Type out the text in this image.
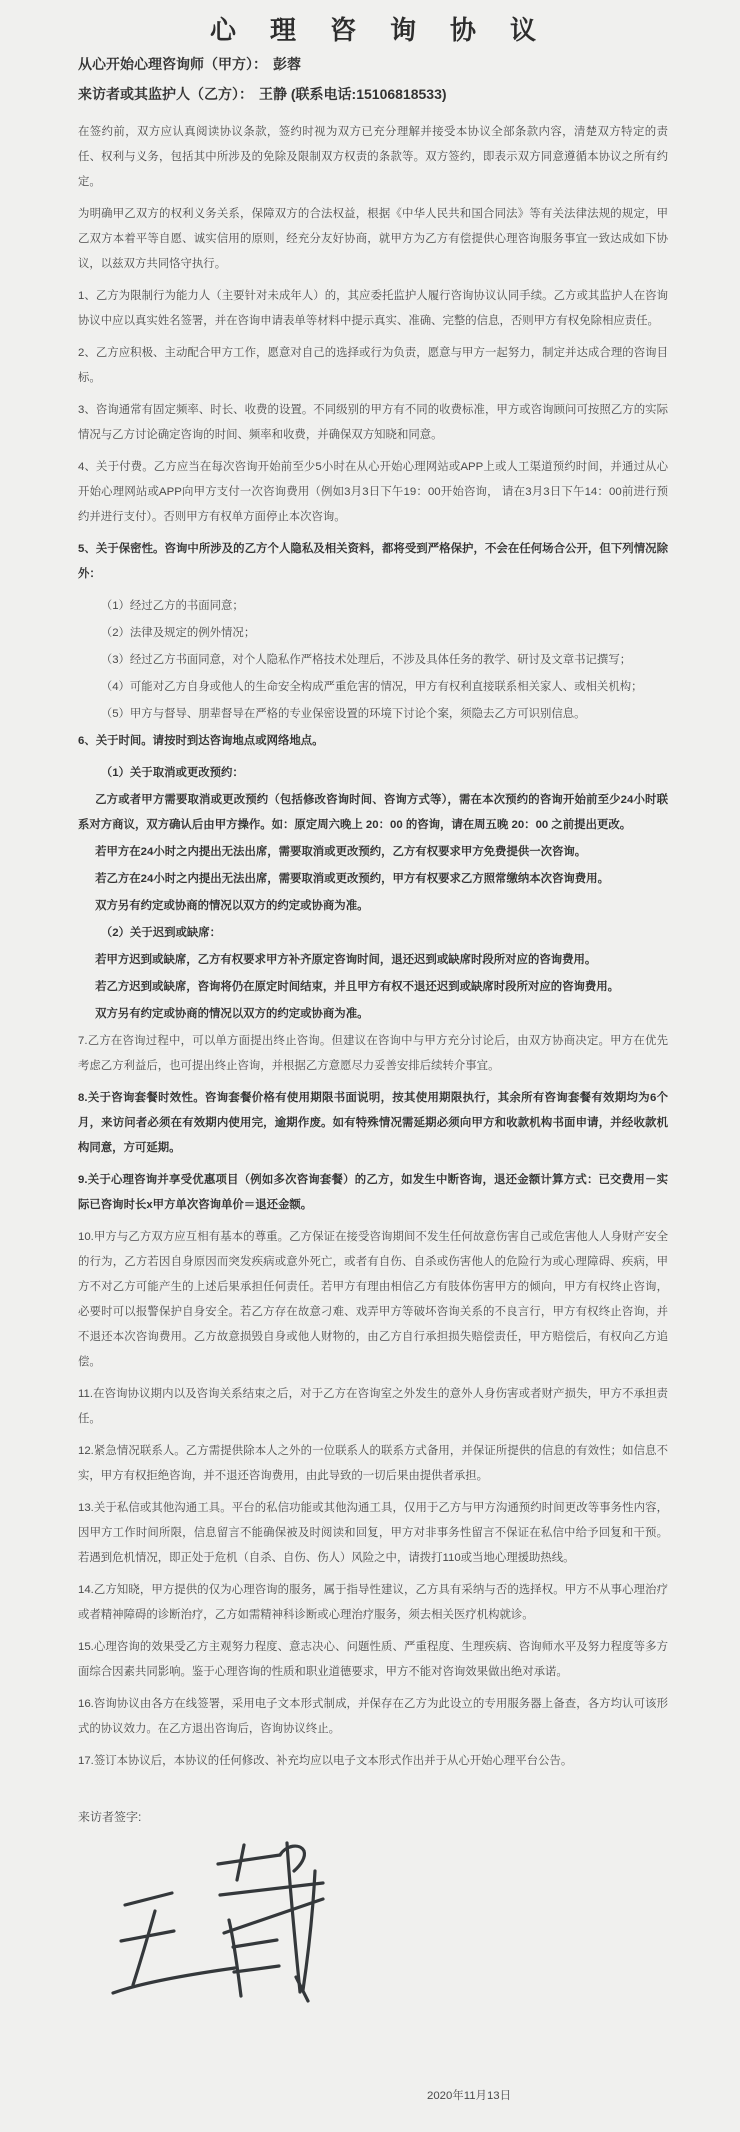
心理咨询协议

从心开始心理咨询师（甲方）： 彭蓉

来访者或其监护人（乙方）： 王静 (联系电话:15106818533)

在签约前，双方应认真阅读协议条款，签约时视为双方已充分理解并接受本协议全部条款内容，清楚双方特定的责任、权利与义务，包括其中所涉及的免除及限制双方权责的条款等。双方签约，即表示双方同意遵循本协议之所有约定。

为明确甲乙双方的权利义务关系，保障双方的合法权益，根据《中华人民共和国合同法》等有关法律法规的规定，甲乙双方本着平等自愿、诚实信用的原则，经充分友好协商，就甲方为乙方有偿提供心理咨询服务事宜一致达成如下协议，以兹双方共同恪守执行。

1、乙方为限制行为能力人（主要针对未成年人）的，其应委托监护人履行咨询协议认同手续。乙方或其监护人在咨询协议中应以真实姓名签署，并在咨询申请表单等材料中提示真实、准确、完整的信息，否则甲方有权免除相应责任。

2、乙方应积极、主动配合甲方工作，愿意对自己的选择或行为负责，愿意与甲方一起努力，制定并达成合理的咨询目标。

3、咨询通常有固定频率、时长、收费的设置。不同级别的甲方有不同的收费标准，甲方或咨询顾问可按照乙方的实际情况与乙方讨论确定咨询的时间、频率和收费，并确保双方知晓和同意。

4、关于付费。乙方应当在每次咨询开始前至少5小时在从心开始心理网站或APP上或人工渠道预约时间，并通过从心开始心理网站或APP向甲方支付一次咨询费用（例如3月3日下午19：00开始咨询， 请在3月3日下午14：00前进行预约并进行支付）。否则甲方有权单方面停止本次咨询。

5、关于保密性。咨询中所涉及的乙方个人隐私及相关资料，都将受到严格保护，不会在任何场合公开，但下列情况除外：

（1）经过乙方的书面同意；

（2）法律及规定的例外情况；

（3）经过乙方书面同意，对个人隐私作严格技术处理后，不涉及具体任务的教学、研讨及文章书记撰写；

（4）可能对乙方自身或他人的生命安全构成严重危害的情况，甲方有权利直接联系相关家人、或相关机构；

（5）甲方与督导、朋辈督导在严格的专业保密设置的环境下讨论个案，须隐去乙方可识别信息。

6、关于时间。请按时到达咨询地点或网络地点。

（1）关于取消或更改预约：

乙方或者甲方需要取消或更改预约（包括修改咨询时间、咨询方式等），需在本次预约的咨询开始前至少24小时联系对方商议，双方确认后由甲方操作。如：原定周六晚上 20：00 的咨询，请在周五晚 20：00 之前提出更改。

若甲方在24小时之内提出无法出席，需要取消或更改预约，乙方有权要求甲方免费提供一次咨询。

若乙方在24小时之内提出无法出席，需要取消或更改预约，甲方有权要求乙方照常缴纳本次咨询费用。

双方另有约定或协商的情况以双方的约定或协商为准。

（2）关于迟到或缺席：

若甲方迟到或缺席，乙方有权要求甲方补齐原定咨询时间，退还迟到或缺席时段所对应的咨询费用。

若乙方迟到或缺席，咨询将仍在原定时间结束，并且甲方有权不退还迟到或缺席时段所对应的咨询费用。

双方另有约定或协商的情况以双方的约定或协商为准。

7.乙方在咨询过程中，可以单方面提出终止咨询。但建议在咨询中与甲方充分讨论后，由双方协商决定。甲方在优先考虑乙方利益后，也可提出终止咨询，并根据乙方意愿尽力妥善安排后续转介事宜。

8.关于咨询套餐时效性。咨询套餐价格有使用期限书面说明，按其使用期限执行，其余所有咨询套餐有效期均为6个月，来访问者必须在有效期内使用完，逾期作废。如有特殊情况需延期必须向甲方和收款机构书面申请，并经收款机构同意，方可延期。

9.关于心理咨询并享受优惠项目（例如多次咨询套餐）的乙方，如发生中断咨询，退还金额计算方式：已交费用－实际已咨询时长x甲方单次咨询单价＝退还金额。

10.甲方与乙方双方应互相有基本的尊重。乙方保证在接受咨询期间不发生任何故意伤害自己或危害他人人身财产安全的行为，乙方若因自身原因而突发疾病或意外死亡，或者有自伤、自杀或伤害他人的危险行为或心理障碍、疾病，甲方不对乙方可能产生的上述后果承担任何责任。若甲方有理由相信乙方有肢体伤害甲方的倾向，甲方有权终止咨询，必要时可以报警保护自身安全。若乙方存在故意刁难、戏弄甲方等破坏咨询关系的不良言行，甲方有权终止咨询，并不退还本次咨询费用。乙方故意损毁自身或他人财物的，由乙方自行承担损失赔偿责任，甲方赔偿后，有权向乙方追偿。

11.在咨询协议期内以及咨询关系结束之后，对于乙方在咨询室之外发生的意外人身伤害或者财产损失，甲方不承担责任。

12.紧急情况联系人。乙方需提供除本人之外的一位联系人的联系方式备用，并保证所提供的信息的有效性；如信息不实，甲方有权拒绝咨询，并不退还咨询费用，由此导致的一切后果由提供者承担。

13.关于私信或其他沟通工具。平台的私信功能或其他沟通工具，仅用于乙方与甲方沟通预约时间更改等事务性内容，因甲方工作时间所限，信息留言不能确保被及时阅读和回复，甲方对非事务性留言不保证在私信中给予回复和干预。若遇到危机情况，即正处于危机（自杀、自伤、伤人）风险之中，请拨打110或当地心理援助热线。

14.乙方知晓，甲方提供的仅为心理咨询的服务，属于指导性建议，乙方具有采纳与否的选择权。甲方不从事心理治疗或者精神障碍的诊断治疗，乙方如需精神科诊断或心理治疗服务，须去相关医疗机构就诊。

15.心理咨询的效果受乙方主观努力程度、意志决心、问题性质、严重程度、生理疾病、咨询师水平及努力程度等多方面综合因素共同影响。鉴于心理咨询的性质和职业道德要求，甲方不能对咨询效果做出绝对承诺。

16.咨询协议由各方在线签署，采用电子文本形式制成，并保存在乙方为此设立的专用服务器上备查，各方均认可该形式的协议效力。在乙方退出咨询后，咨询协议终止。

17.签订本协议后，本协议的任何修改、补充均应以电子文本形式作出并于从心开始心理平台公告。

来访者签字:

2020年11月13日
